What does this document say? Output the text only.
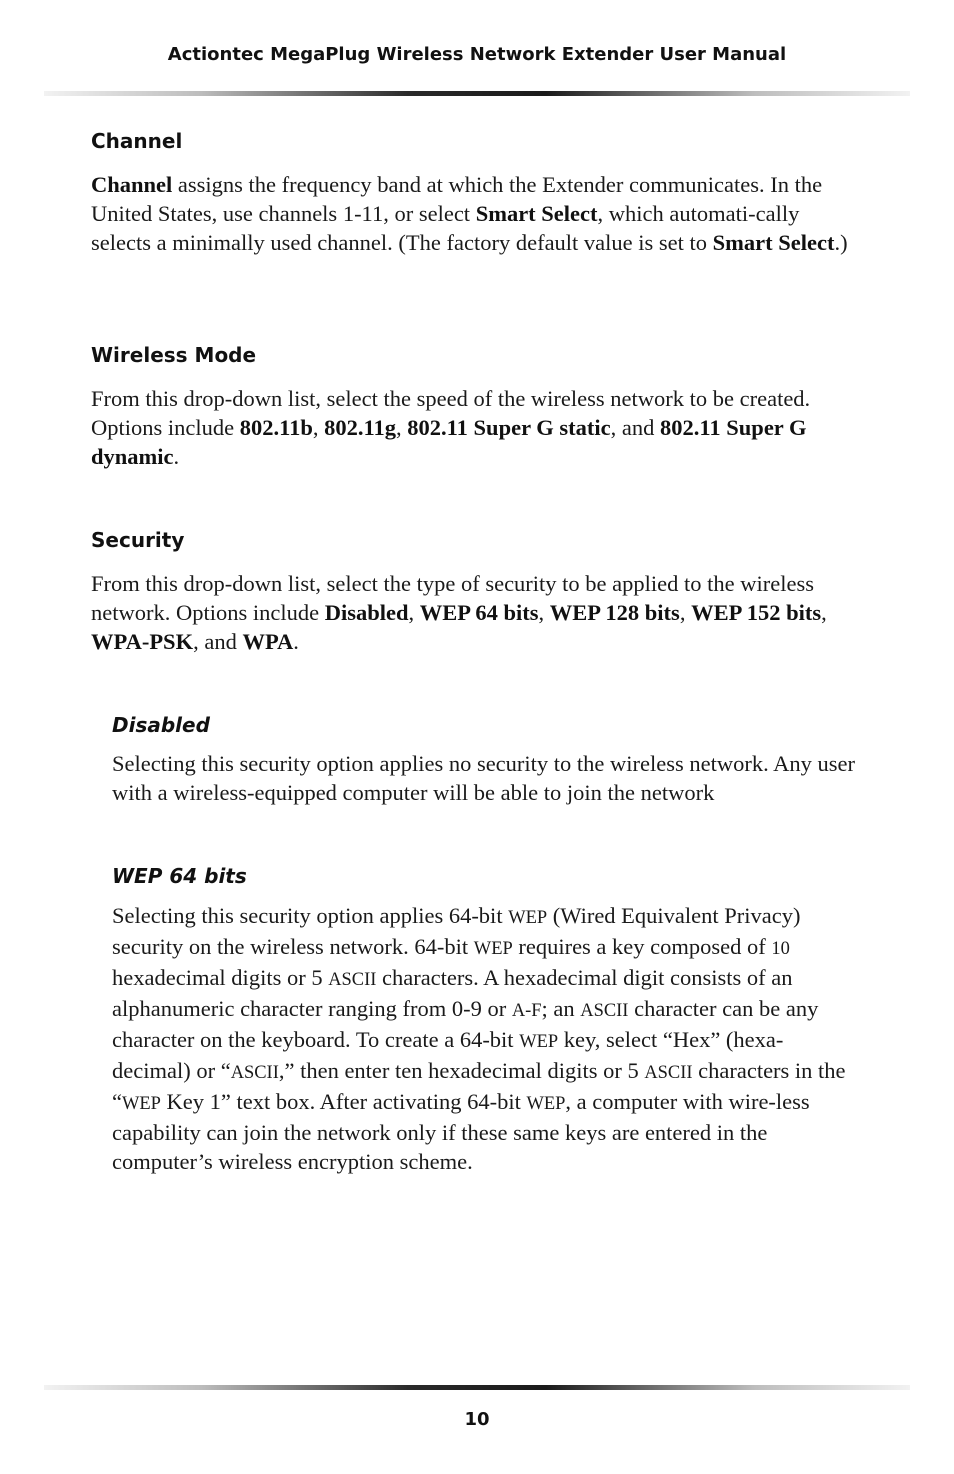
Actiontec MegaPlug Wireless Network Extender User Manual
Channel

Channel assigns the frequency band at which the Extender communicates. In the United States, use channels 1-11, or select Smart Select, which automati-cally selects a minimally used channel. (The factory default value is set to Smart Select.)

Wireless Mode

From this drop-down list, select the speed of the wireless network to be created. Options include 802.11b, 802.11g, 802.11 Super G static, and 802.11 Super G dynamic.

Security

From this drop-down list, select the type of security to be applied to the wireless network. Options include Disabled, WEP 64 bits, WEP 128 bits, WEP 152 bits, WPA-PSK, and WPA.

Disabled

Selecting this security option applies no security to the wireless network. Any user with a wireless-equipped computer will be able to join the network

WEP 64 bits

Selecting this security option applies 64-bit WEP (Wired Equivalent Privacy) security on the wireless network. 64-bit WEP requires a key composed of 10 hexadecimal digits or 5 ASCII characters. A hexadecimal digit consists of an alphanumeric character ranging from 0-9 or A-F; an ASCII character can be any character on the keyboard. To create a 64-bit WEP key, select “Hex” (hexa-decimal) or “ASCII,” then enter ten hexadecimal digits or 5 ASCII characters in the “WEP Key 1” text box. After activating 64-bit WEP, a computer with wire-less capability can join the network only if these same keys are entered in the computer’s wireless encryption scheme.

10
